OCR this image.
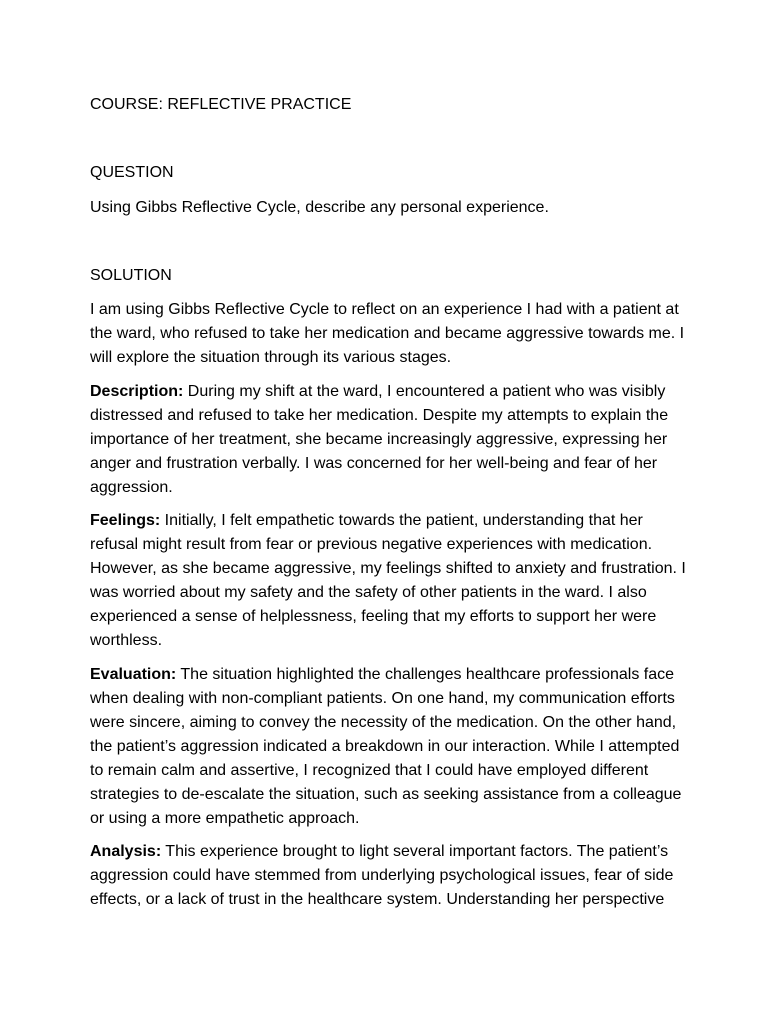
COURSE: REFLECTIVE PRACTICE

QUESTION

Using Gibbs Reflective Cycle, describe any personal experience.

SOLUTION

I am using Gibbs Reflective Cycle to reflect on an experience I had with a patient at the ward, who refused to take her medication and became aggressive towards me. I will explore the situation through its various stages.

Description: During my shift at the ward, I encountered a patient who was visibly distressed and refused to take her medication. Despite my attempts to explain the importance of her treatment, she became increasingly aggressive, expressing her anger and frustration verbally. I was concerned for her well-being and fear of her aggression.

Feelings: Initially, I felt empathetic towards the patient, understanding that her refusal might result from fear or previous negative experiences with medication. However, as she became aggressive, my feelings shifted to anxiety and frustration. I was worried about my safety and the safety of other patients in the ward. I also experienced a sense of helplessness, feeling that my efforts to support her were worthless.

Evaluation: The situation highlighted the challenges healthcare professionals face when dealing with non-compliant patients. On one hand, my communication efforts were sincere, aiming to convey the necessity of the medication. On the other hand, the patient’s aggression indicated a breakdown in our interaction. While I attempted to remain calm and assertive, I recognized that I could have employed different strategies to de-escalate the situation, such as seeking assistance from a colleague or using a more empathetic approach.

Analysis: This experience brought to light several important factors. The patient’s aggression could have stemmed from underlying psychological issues, fear of side effects, or a lack of trust in the healthcare system. Understanding her perspective
